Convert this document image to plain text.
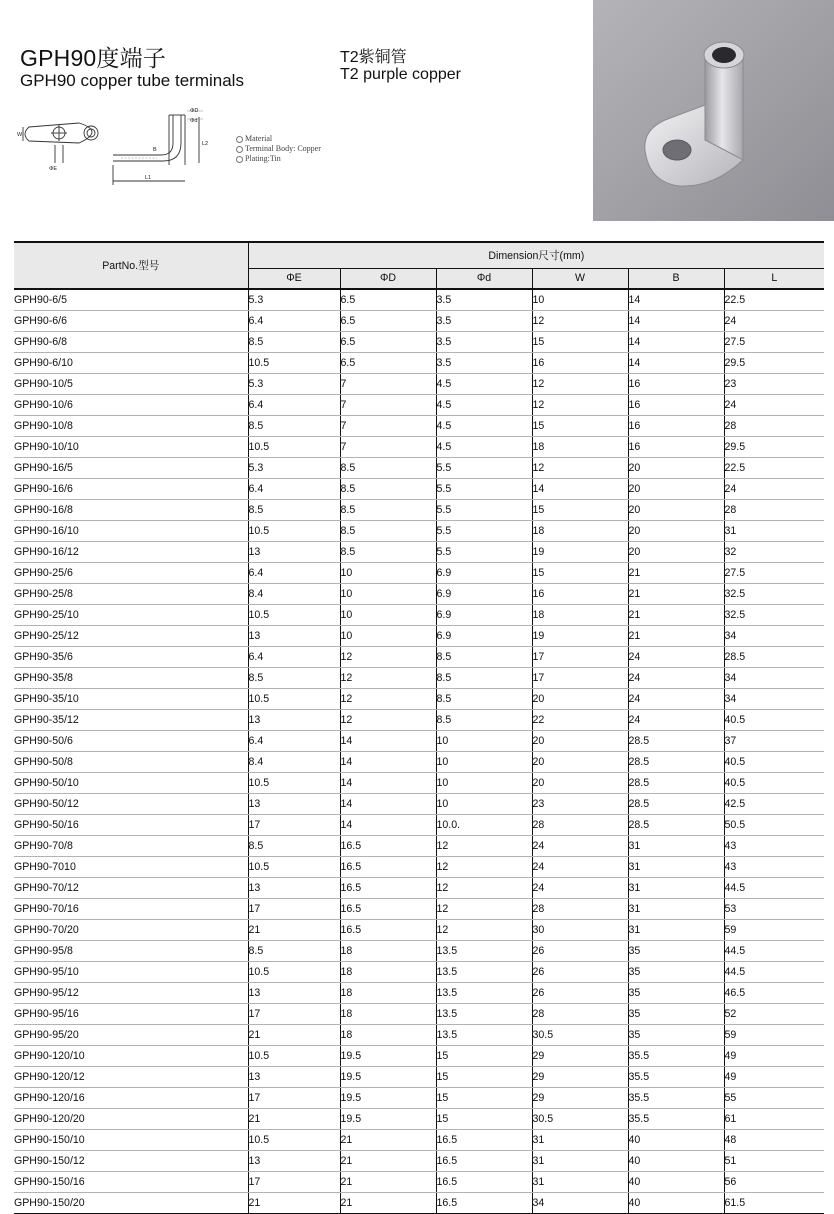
GPH90度端子
GPH90 copper tube terminals
T2紫铜管
T2 purple copper
W
ΦE
ΦD
Φd
L2
L1
B
Material
Terminal Body: Copper
Plating:Tin
PartNo.型号	Dimension尺寸(mm)					
	ΦE	ΦD	Φd	W	B	L
GPH90-6/5	5.3	6.5	3.5	10	14	22.5
GPH90-6/6	6.4	6.5	3.5	12	14	24
GPH90-6/8	8.5	6.5	3.5	15	14	27.5
GPH90-6/10	10.5	6.5	3.5	16	14	29.5
GPH90-10/5	5.3	7	4.5	12	16	23
GPH90-10/6	6.4	7	4.5	12	16	24
GPH90-10/8	8.5	7	4.5	15	16	28
GPH90-10/10	10.5	7	4.5	18	16	29.5
GPH90-16/5	5.3	8.5	5.5	12	20	22.5
GPH90-16/6	6.4	8.5	5.5	14	20	24
GPH90-16/8	8.5	8.5	5.5	15	20	28
GPH90-16/10	10.5	8.5	5.5	18	20	31
GPH90-16/12	13	8.5	5.5	19	20	32
GPH90-25/6	6.4	10	6.9	15	21	27.5
GPH90-25/8	8.4	10	6.9	16	21	32.5
GPH90-25/10	10.5	10	6.9	18	21	32.5
GPH90-25/12	13	10	6.9	19	21	34
GPH90-35/6	6.4	12	8.5	17	24	28.5
GPH90-35/8	8.5	12	8.5	17	24	34
GPH90-35/10	10.5	12	8.5	20	24	34
GPH90-35/12	13	12	8.5	22	24	40.5
GPH90-50/6	6.4	14	10	20	28.5	37
GPH90-50/8	8.4	14	10	20	28.5	40.5
GPH90-50/10	10.5	14	10	20	28.5	40.5
GPH90-50/12	13	14	10	23	28.5	42.5
GPH90-50/16	17	14	10.0.	28	28.5	50.5
GPH90-70/8	8.5	16.5	12	24	31	43
GPH90-7010	10.5	16.5	12	24	31	43
GPH90-70/12	13	16.5	12	24	31	44.5
GPH90-70/16	17	16.5	12	28	31	53
GPH90-70/20	21	16.5	12	30	31	59
GPH90-95/8	8.5	18	13.5	26	35	44.5
GPH90-95/10	10.5	18	13.5	26	35	44.5
GPH90-95/12	13	18	13.5	26	35	46.5
GPH90-95/16	17	18	13.5	28	35	52
GPH90-95/20	21	18	13.5	30.5	35	59
GPH90-120/10	10.5	19.5	15	29	35.5	49
GPH90-120/12	13	19.5	15	29	35.5	49
GPH90-120/16	17	19.5	15	29	35.5	55
GPH90-120/20	21	19.5	15	30.5	35.5	61
GPH90-150/10	10.5	21	16.5	31	40	48
GPH90-150/12	13	21	16.5	31	40	51
GPH90-150/16	17	21	16.5	31	40	56
GPH90-150/20	21	21	16.5	34	40	61.5
